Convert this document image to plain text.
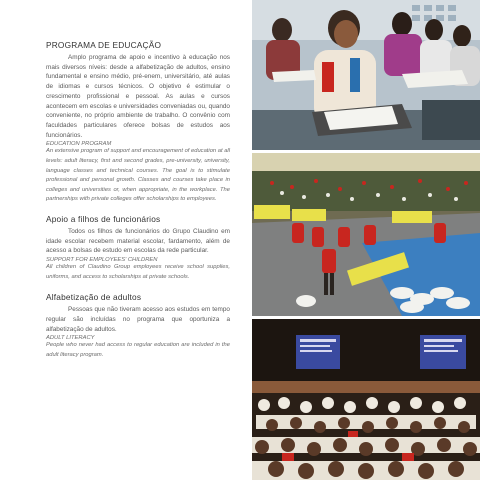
PROGRAMA DE EDUCAÇÃO

Amplo programa de apoio e incentivo à educação nos mais diversos níveis: desde a alfabetização de adultos, ensino fundamental e ensino médio, pré-enem, universitário, até aulas de idiomas e cursos técnicos. O objetivo é estimular o crescimento profissional e pessoal. As aulas e cursos acontecem em escolas e universidades conveniadas ou, quando conveniente, no próprio ambiente de trabalho. O convênio com faculdades particulares oferece bolsas de estudos aos funcionários.

EDUCATION PROGRAM

An extensive program of support and encouragement of education at all levels: adult literacy, first and second grades, pre-university, university, language classes and technical courses. The goal is to stimulate professional and personal growth. Classes and courses take place in colleges and universities or, when appropriate, in the workplace. The partnerships with private colleges offer scholarships to employees.

Apoio a filhos de funcionários

Todos os filhos de funcionários do Grupo Claudino em idade escolar recebem material escolar, fardamento, além de acesso a bolsas de estudo em escolas da rede particular.

SUPPORT FOR EMPLOYEES' CHILDREN

All children of Claudino Group employees receive school supplies, uniforms, and access to scholarships at private schools.

Alfabetização de adultos

Pessoas que não tiveram acesso aos estudos em tempo regular são incluídas no programa que oportuniza a alfabetização de adultos.

ADULT LITERACY

People who never had access to regular education are included in the adult literacy program.
